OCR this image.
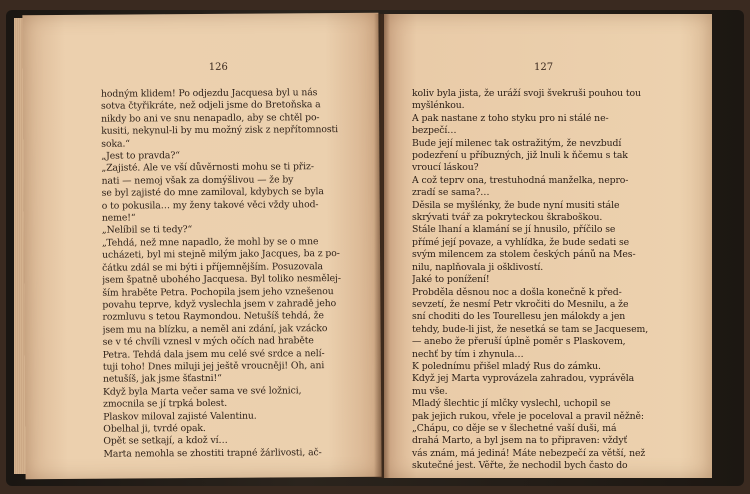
126
hodným klidem! Po odjezdu Jacquesa byl u nás
sotva čtyřikráte, než odjeli jsme do Bretoňska a
nikdy bo ani ve snu nenapadlo, aby se chtěl po-
kusiti, nekynul-li by mu možný zisk z nepřítomnosti
soka.“
„Jest to pravda?“
„Zajisté. Ale ve vší důvěrnosti mohu se ti přiz-
nati — nemoj však za domýšlivou — že by
se byl zajisté do mne zamiloval, kdybych se byla
o to pokusila… my ženy takové věci vždy uhod-
neme!“
„Nelíbil se ti tedy?“
„Tehdá, než mne napadlo, že mohl by se o mne
ucházeti, byl mi stejně milým jako Jacques, ba z po-
čátku zdál se mi býti i příjemnějším. Posuzovala
jsem špatně ubohého Jacquesa. Byl toliko nesmělej-
ším hraběte Petra. Pochopila jsem jeho vznešenou
povahu teprve, když vyslechla jsem v zahradě jeho
rozmluvu s tetou Raymondou. Netušíš tehdá, že
jsem mu na blízku, a neměl ani zdání, jak vzácko
se v té chvíli vznesl v mých očích nad hraběte
Petra. Tehdá dala jsem mu celé své srdce a nelí-
tuji toho! Dnes miluji jej ještě vroucněji! Oh, ani
netušíš, jak jsme šťastni!“
Když byla Marta večer sama ve své ložnici,
zmocnila se jí trpká bolest.
Plaskov miloval zajisté Valentinu.
Obelhal ji, tvrdé opak.
Opět se setkají, a kdož ví…
Marta nemohla se zhostiti trapné žárlivosti, ač-
127
koliv byla jista, že uráží svoji švekruši pouhou tou
myšlénkou.
A pak nastane z toho styku pro ni stálé ne-
bezpečí…
Bude její milenec tak ostražitým, že nevzbudí
podezření u příbuzných, již lnuli k ňčemu s tak
vroucí láskou?
A což teprv ona, trestuhodná manželka, nepro-
zradí se sama?…
Děsila se myšlénky, že bude nyní musiti stále
skrývati tvář za pokryteckou škraboškou.
Stále lhaní a klamání se jí hnusilo, příčilo se
přímé její povaze, a vyhlídka, že bude sedati se
svým milencem za stolem českých pánů na Mes-
nilu, naplňovala ji ošklivostí.
Jaké to ponížení!
Probděla děsnou noc a došla konečně k před-
sevzetí, že nesmí Petr vkročiti do Mesnilu, a že
sní choditi do les Tourellesu jen málokdy a jen
tehdy, bude-li jist, že nesetká se tam se Jacquesem,
— anebo že přeruší úplně poměr s Plaskovem,
nechť by tím i zhynula…
K polednímu přišel mladý Rus do zámku.
Když jej Marta vyprovázela zahradou, vyprávěla
mu vše.
Mladý šlechtic jí mlčky vyslechl, uchopil se
pak jejich rukou, vřele je poceloval a pravil něžně:
„Chápu, co děje se v šlechetné vaší duši, má
drahá Marto, a byl jsem na to připraven: vždyť
vás znám, má jediná! Máte nebezpečí za větší, než
skutečné jest. Věřte, že nechodil bych často do
